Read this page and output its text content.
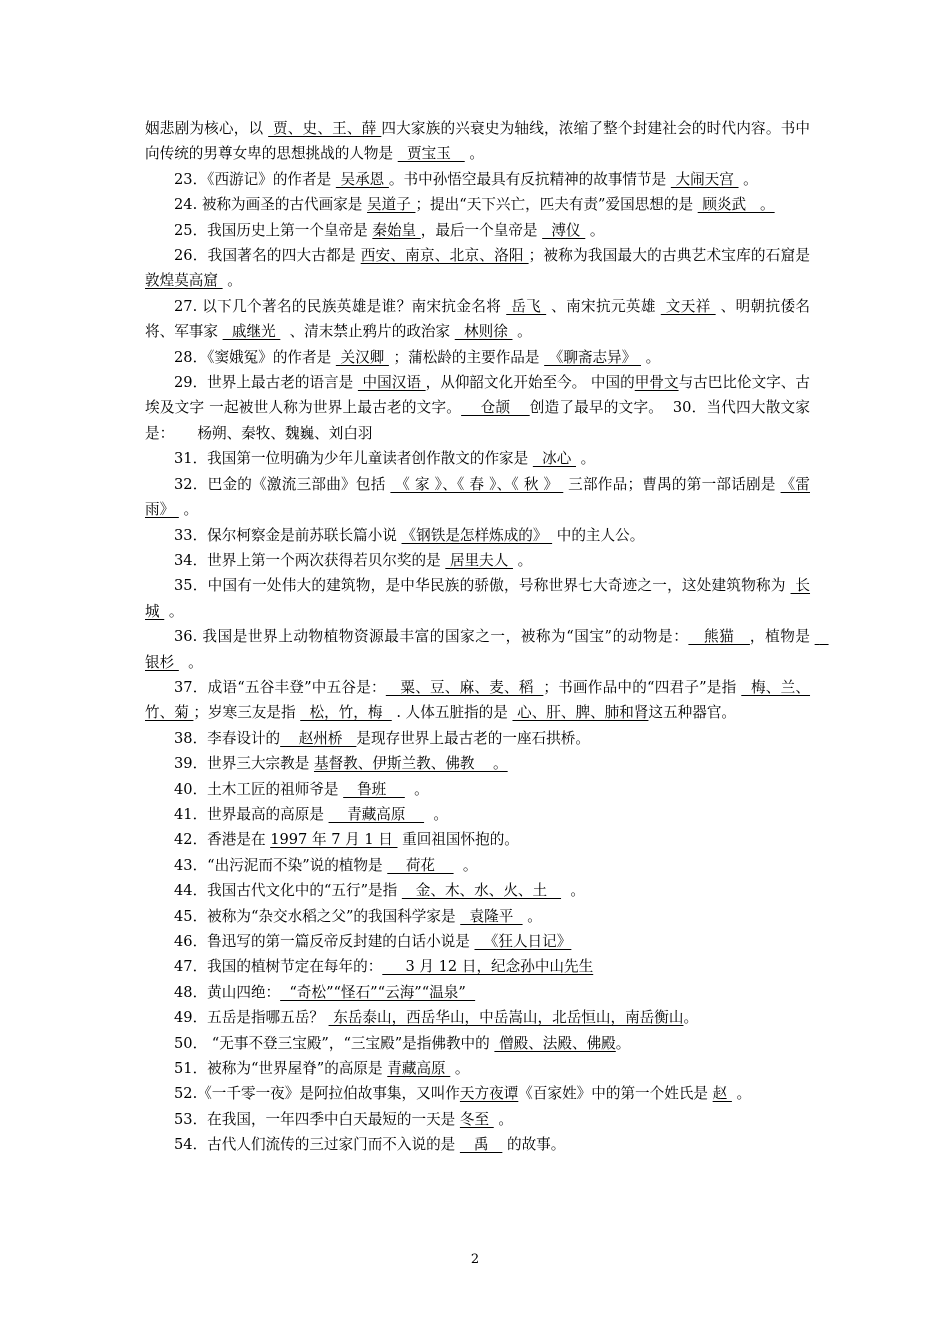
姻悲剧为核心，以  贾、史、王、薛 四大家族的兴衰史为轴线，浓缩了整个封建社会的时代内容。书中向传统的男尊女卑的思想挑战的人物是   贾宝玉    。

23．《西游记》的作者是  吴承恩 。书中孙悟空最具有反抗精神的故事情节是  大闹天宫  。

24. 被称为画圣的古代画家是 吴道子 ；提出“天下兴亡，匹夫有责”爱国思想的是  顾炎武   。

25．我国历史上第一个皇帝是 秦始皇 ，最后一个皇帝是   溥仪  。

26．我国著名的四大古都是 西安、南京、北京、洛阳 ；被称为我国最大的古典艺术宝库的石窟是 敦煌莫高窟  。

27. 以下几个著名的民族英雄是谁？南宋抗金名将  岳飞  、南宋抗元英雄  文天祥  、明朝抗倭名将、军事家   戚继光   、清末禁止鸦片的政治家   林则徐  。

28．《窦娥冤》的作者是  关汉卿  ；蒲松龄的主要作品是  《聊斋志异》  。

29．世界上最古老的语言是  中国汉语 ，从仰韶文化开始至今。 中国的甲骨文与古巴比伦文字、古埃及文字 一起被世人称为世界上最古老的文字。    仓颉    创造了最早的文字。  30．当代四大散文家是：     杨朔、秦牧、魏巍、刘白羽

31．我国第一位明确为少年儿童读者创作散文的作家是   冰心  。

32．巴金的《激流三部曲》包括  《 家 》、《 春 》、《 秋 》  三部作品；曹禺的第一部话剧是 《雷雨》  。

33．保尔柯察金是前苏联长篇小说 《钢铁是怎样炼成的》  中的主人公。

34．世界上第一个两次获得若贝尔奖的是  居里夫人  。

35．中国有一处伟大的建筑物，是中华民族的骄傲，号称世界七大奇迹之一，这处建筑物称为  长城  。

36. 我国是世界上动物植物资源最丰富的国家之一，被称为“国宝”的动物是：   熊猫   ，植物是    银杉   。

37．成语“五谷丰登”中五谷是：   粟、豆、麻、麦、稻  ；书画作品中的“四君子”是指   梅、兰、竹、菊 ；岁寒三友是指   松，竹，梅   . 人体五脏指的是  心、肝、脾、肺和肾这五种器官。

38．李春设计的    赵州桥   是现存世界上最古老的一座石拱桥。

39．世界三大宗教是 基督教、伊斯兰教、佛教    。

40．土木工匠的祖师爷是    鲁班      。

41．世界最高的高原是     青藏高原      。

42．香港是在 1997 年 7 月 1 日  重回祖国怀抱的。

43．“出污泥而不染”说的植物是     荷花      。

44．我国古代文化中的“五行”是指    金、木、水、火、土     。

45．被称为“杂交水稻之父”的我国科学家是   袁隆平   。

46．鲁迅写的第一篇反帝反封建的白话小说是   《狂人日记》

47．我国的植树节定在每年的：     3 月 12 日，纪念孙中山先生

48．黄山四绝：  “奇松”“怪石”“云海”“温泉”

49．五岳是指哪五岳？  东岳泰山，西岳华山，中岳嵩山，北岳恒山，南岳衡山。

50． “无事不登三宝殿”，“三宝殿”是指佛教中的  僧殿、法殿、佛殿。

51．被称为“世界屋脊”的高原是 青藏高原  。

52.《一千零一夜》是阿拉伯故事集，又叫作天方夜谭《百家姓》中的第一个姓氏是 赵  。

53．在我国，一年四季中白天最短的一天是 冬至  。

54．古代人们流传的三过家门而不入说的是    禹    的故事。

2
